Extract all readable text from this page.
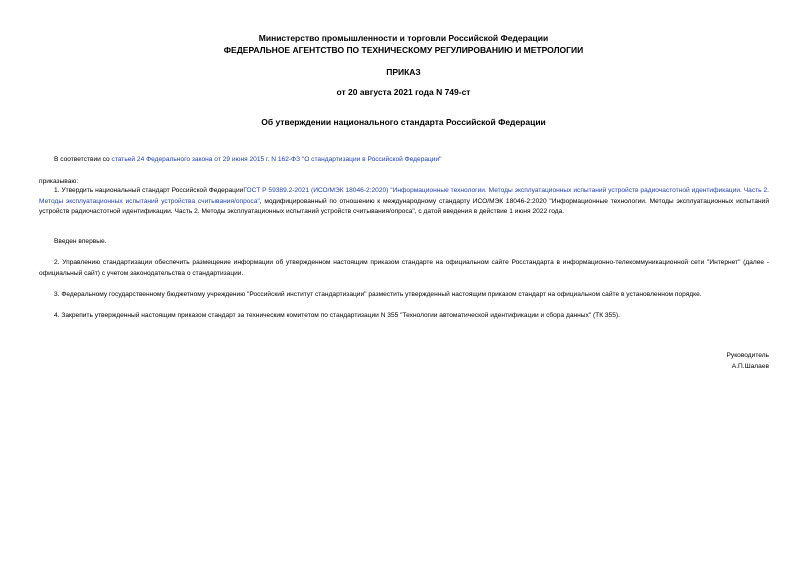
Министерство промышленности и торговли Российской Федерации
ФЕДЕРАЛЬНОЕ АГЕНТСТВО ПО ТЕХНИЧЕСКОМУ РЕГУЛИРОВАНИЮ И МЕТРОЛОГИИ
ПРИКАЗ
от 20 августа 2021 года N 749-ст
Об утверждении национального стандарта Российской Федерации
В соответствии со статьей 24 Федерального закона от 29 июня 2015 г. N 162-ФЗ "О стандартизации в Российской Федерации"
приказываю:
1. Утвердить национальный стандарт Российской ФедерацииГОСТ Р 59389.2-2021 (ИСО/МЭК 18046-2:2020) "Информационные технологии. Методы эксплуатационных испытаний устройств радиочастотной идентификации. Часть 2. Методы эксплуатационных испытаний устройства считывания/опроса", модифицированный по отношению к международному стандарту ИСО/МЭК 18046-2:2020 "Информационные технологии. Методы эксплуатационных испытаний устройств радиочастотной идентификации. Часть 2. Методы эксплуатационных испытаний устройств считывания/опроса", с датой введения в действие 1 июня 2022 года.
Введен впервые.
2. Управлению стандартизации обеспечить размещение информации об утвержденном настоящим приказом стандарте на официальном сайте Росстандарта в информационно-телекоммуникационной сети "Интернет" (далее - официальный сайт) с учетом законодательства о стандартизации.
3. Федеральному государственному бюджетному учреждению "Российский институт стандартизации" разместить утвержденный настоящим приказом стандарт на официальном сайте в установленном порядке.
4. Закрепить утвержденный настоящим приказом стандарт за техническим комитетом по стандартизации N 355 "Технологии автоматической идентификации и сбора данных" (ТК 355).
Руководитель
А.П.Шалаев
